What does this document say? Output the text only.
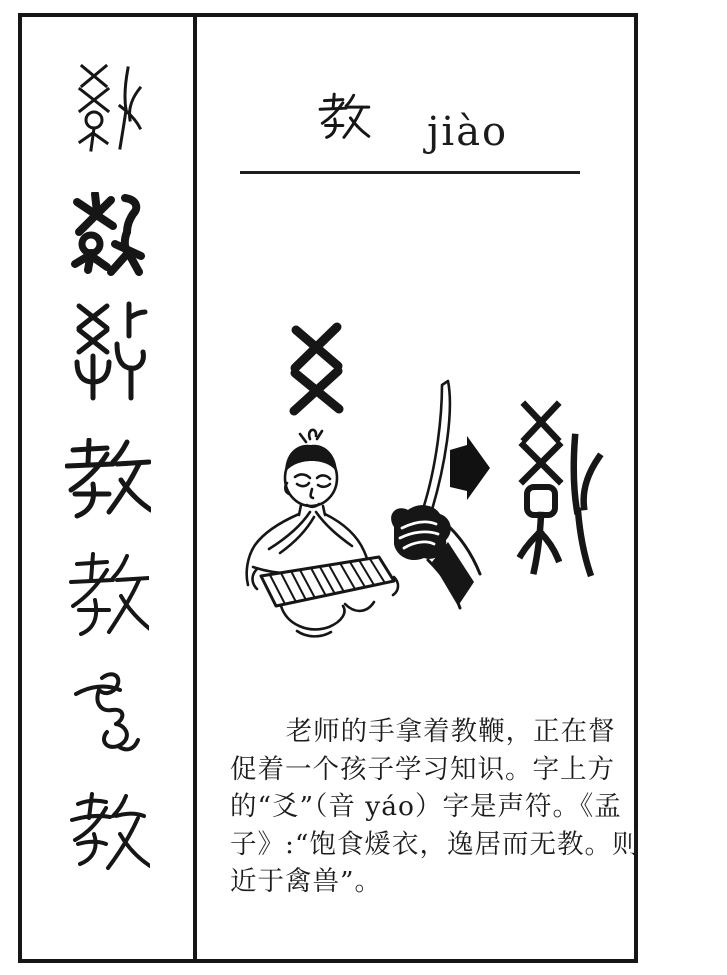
jiào
老师的手拿着教鞭，正在督
促着一个孩子学习知识。字上方
的“爻”（音 yáo）字是声符。《孟
子》:“饱食煖衣，逸居而无教。则
近于禽兽”。
